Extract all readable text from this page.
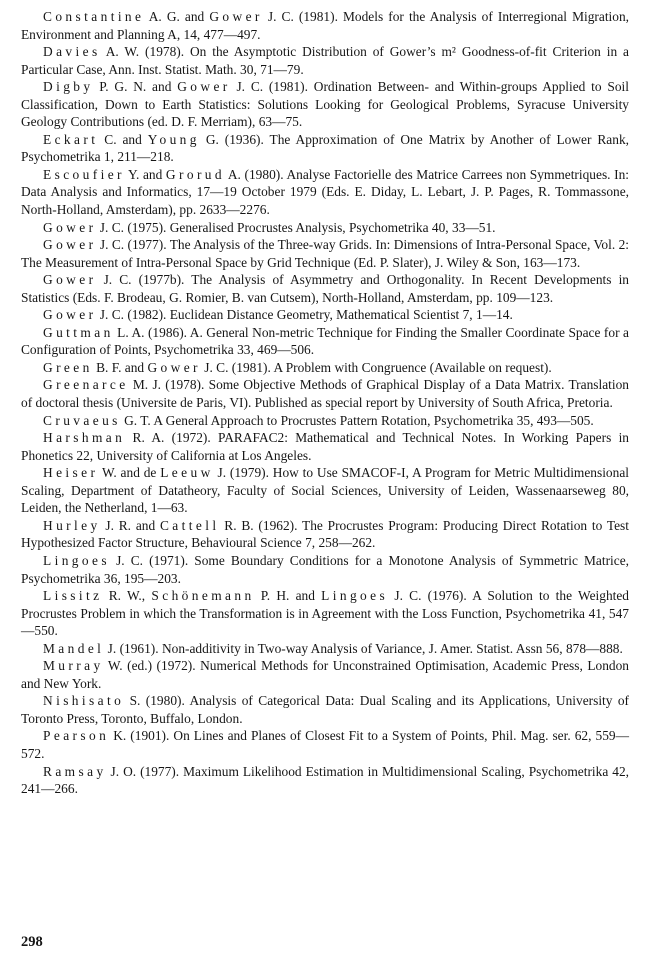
Constantine A. G. and Gower J. C. (1981). Models for the Analysis of Interregional Migration, Environment and Planning A, 14, 477—497.

Davies A. W. (1978). On the Asymptotic Distribution of Gower’s m² Goodness-of-fit Criterion in a Particular Case, Ann. Inst. Statist. Math. 30, 71—79.

Digby P. G. N. and Gower J. C. (1981). Ordination Between- and Within-groups Applied to Soil Classification, Down to Earth Statistics: Solutions Looking for Geological Problems, Syracuse University Geology Contributions (ed. D. F. Merriam), 63—75.

Eckart C. and Young G. (1936). The Approximation of One Matrix by Another of Lower Rank, Psychometrika 1, 211—218.

Escoufier Y. and Grorud A. (1980). Analyse Factorielle des Matrice Carrees non Symmetriques. In: Data Analysis and Informatics, 17—19 October 1979 (Eds. E. Diday, L. Lebart, J. P. Pages, R. Tommassone, North-Holland, Amsterdam), pp. 2633—2276.

Gower J. C. (1975). Generalised Procrustes Analysis, Psychometrika 40, 33—51.

Gower J. C. (1977). The Analysis of the Three-way Grids. In: Dimensions of Intra-Personal Space, Vol. 2: The Measurement of Intra-Personal Space by Grid Technique (Ed. P. Slater), J. Wiley & Son, 163—173.

Gower J. C. (1977b). The Analysis of Asymmetry and Orthogonality. In Recent Developments in Statistics (Eds. F. Brodeau, G. Romier, B. van Cutsem), North-Holland, Amsterdam, pp. 109—123.

Gower J. C. (1982). Euclidean Distance Geometry, Mathematical Scientist 7, 1—14.

Guttman L. A. (1986). A. General Non-metric Technique for Finding the Smaller Coordinate Space for a Configuration of Points, Psychometrika 33, 469—506.

Green B. F. and Gower J. C. (1981). A Problem with Congruence (Available on request).

Greenarce M. J. (1978). Some Objective Methods of Graphical Display of a Data Matrix. Translation of doctoral thesis (Universite de Paris, VI). Published as special report by University of South Africa, Pretoria.

Cruvaeus G. T. A General Approach to Procrustes Pattern Rotation, Psychometrika 35, 493—505.

Harshman R. A. (1972). PARAFAC2: Mathematical and Technical Notes. In Working Papers in Phonetics 22, University of California at Los Angeles.

Heiser W. and de Leeuw J. (1979). How to Use SMACOF-I, A Program for Metric Multidimensional Scaling, Department of Datatheory, Faculty of Social Sciences, University of Leiden, Wassenaarseweg 80, Leiden, the Netherland, 1—63.

Hurley J. R. and Cattell R. B. (1962). The Procrustes Program: Producing Direct Rotation to Test Hypothesized Factor Structure, Behavioural Science 7, 258—262.

Lingoes J. C. (1971). Some Boundary Conditions for a Monotone Analysis of Symmetric Matrice, Psychometrika 36, 195—203.

Lissitz R. W., Schönemann P. H. and Lingoes J. C. (1976). A Solution to the Weighted Procrustes Problem in which the Transformation is in Agreement with the Loss Function, Psychometrika 41, 547—550.

Mandel J. (1961). Non-additivity in Two-way Analysis of Variance, J. Amer. Statist. Assn 56, 878—888.

Murray W. (ed.) (1972). Numerical Methods for Unconstrained Optimisation, Academic Press, London and New York.

Nishisato S. (1980). Analysis of Categorical Data: Dual Scaling and its Applications, University of Toronto Press, Toronto, Buffalo, London.

Pearson K. (1901). On Lines and Planes of Closest Fit to a System of Points, Phil. Mag. ser. 62, 559—572.

Ramsay J. O. (1977). Maximum Likelihood Estimation in Multidimensional Scaling, Psychometrika 42, 241—266.

298
